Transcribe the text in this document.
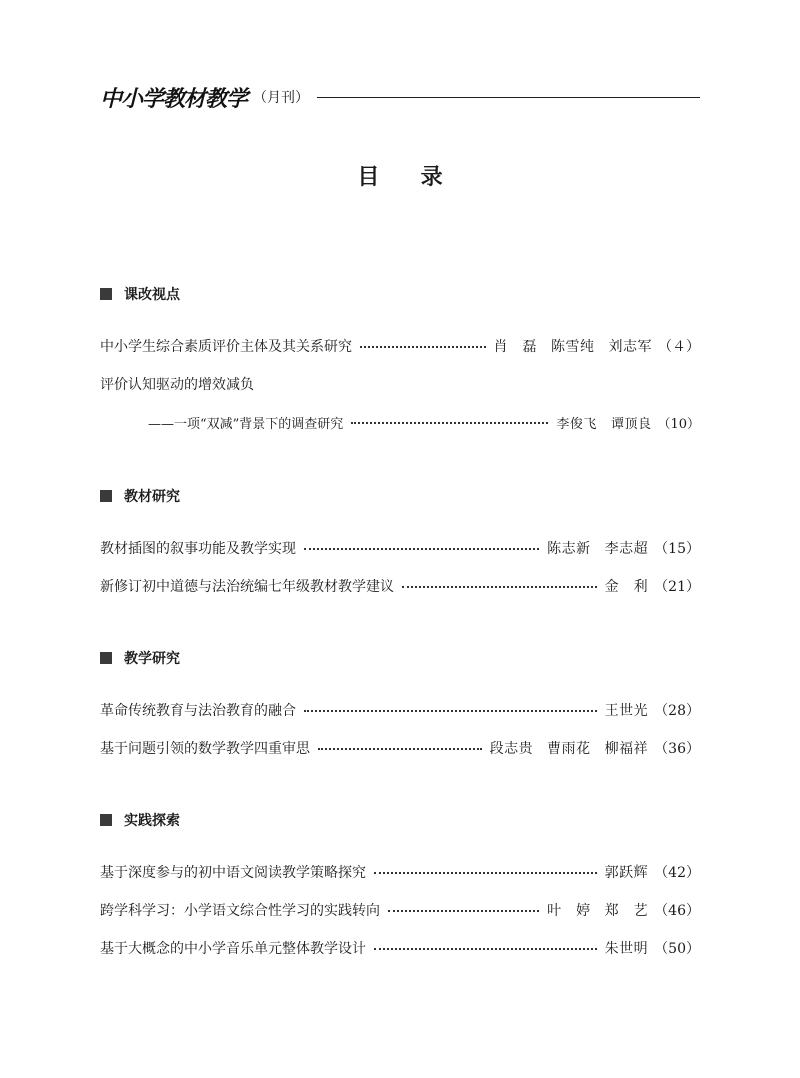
中小学教材教学 （月刊）
目 录
课改视点
中小学生综合素质评价主体及其关系研究	肖　磊 陈雪纯 刘志军 （４）
评价认知驱动的增效减负
——一项“双减”背景下的调查研究	李俊飞 谭顶良 （10）
教材研究
教材插图的叙事功能及教学实现	陈志新 李志超 （15）
新修订初中道德与法治统编七年级教材教学建议	金　利 （21）
教学研究
革命传统教育与法治教育的融合	王世光 （28）
基于问题引领的数学教学四重审思	段志贵 曹雨花 柳福祥 （36）
实践探索
基于深度参与的初中语文阅读教学策略探究	郭跃辉 （42）
跨学科学习：小学语文综合性学习的实践转向	叶　婷 郑　艺 （46）
基于大概念的中小学音乐单元整体教学设计	朱世明 （50）
